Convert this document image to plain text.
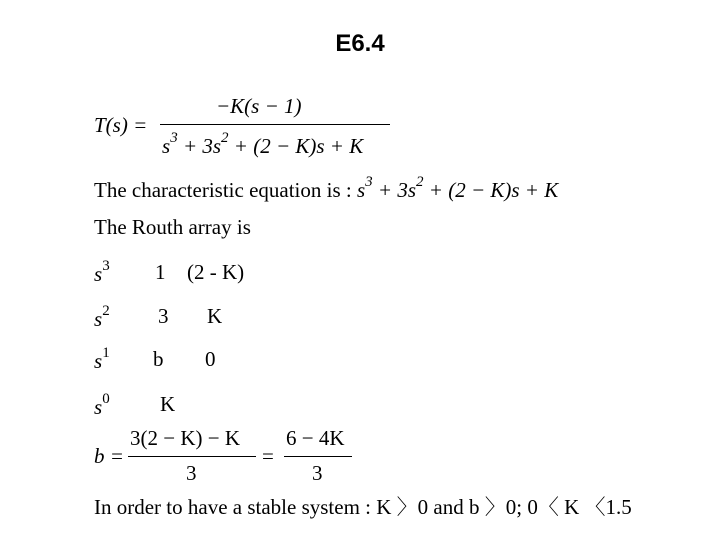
E6.4
T(s) =
−K(s − 1)
$s^3 + 3s^2 + (2 - K)s + K$
The characteristic equation is : $s^3 + 3s^2 + (2 - K)s + K$
The Routh array is
$s^3$ 1 (2 - K)
$s^2$ 3 K
$s^1$ b 0
$s^0$ K
b =
3(2 − K) − K
3
=
6 − 4K
3
In order to have a stable system : K 〉0 and b 〉0; 0〈 K 〈1.5
